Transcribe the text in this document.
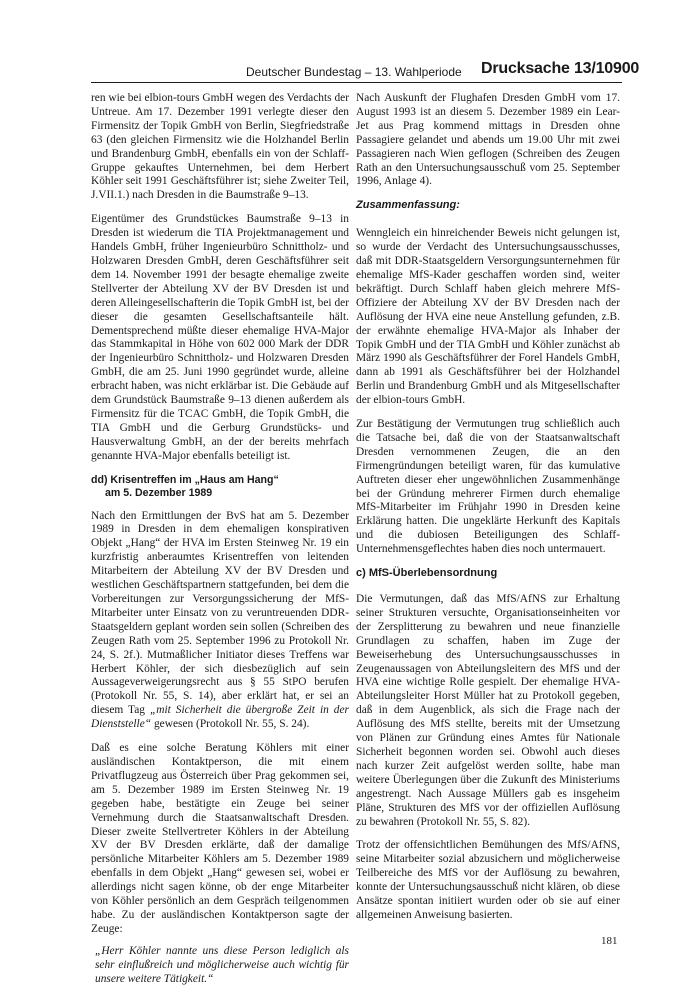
Deutscher Bundestag – 13. Wahlperiode Drucksache 13/10900

ren wie bei elbion-tours GmbH wegen des Verdachts der Untreue. Am 17. Dezember 1991 verlegte dieser den Firmensitz der Topik GmbH von Berlin, Siegfriedstraße 63 (den gleichen Firmensitz wie die Holzhandel Berlin und Brandenburg GmbH, ebenfalls ein von der Schlaff-Gruppe gekauftes Unternehmen, bei dem Herbert Köhler seit 1991 Geschäftsführer ist; siehe Zweiter Teil, J.VII.1.) nach Dresden in die Baumstraße 9–13.

Eigentümer des Grundstückes Baumstraße 9–13 in Dresden ist wiederum die TIA Projektmanagement und Handels GmbH, früher Ingenieurbüro Schnittholz- und Holzwaren Dresden GmbH, deren Geschäftsführer seit dem 14. November 1991 der besagte ehemalige zweite Stellverter der Abteilung XV der BV Dresden ist und deren Alleingesellschafterin die Topik GmbH ist, bei der dieser die gesamten Gesellschaftsanteile hält. Dementsprechend müßte dieser ehemalige HVA-Major das Stammkapital in Höhe von 602 000 Mark der DDR der Ingenieurbüro Schnittholz- und Holzwaren Dresden GmbH, die am 25. Juni 1990 gegründet wurde, alleine erbracht haben, was nicht erklärbar ist. Die Gebäude auf dem Grundstück Baumstraße 9–13 dienen außerdem als Firmensitz für die TCAC GmbH, die Topik GmbH, die TIA GmbH und die Gerburg Grundstücks- und Hausverwaltung GmbH, an der der bereits mehrfach genannte HVA-Major ebenfalls beteiligt ist.

dd) Krisentreffen im „Haus am Hang“
am 5. Dezember 1989

Nach den Ermittlungen der BvS hat am 5. Dezember 1989 in Dresden in dem ehemaligen konspirativen Objekt „Hang“ der HVA im Ersten Steinweg Nr. 19 ein kurzfristig anberaumtes Krisentreffen von leitenden Mitarbeitern der Abteilung XV der BV Dresden und westlichen Geschäftspartnern stattgefunden, bei dem die Vorbereitungen zur Versorgungssicherung der MfS-Mitarbeiter unter Einsatz von zu veruntreuenden DDR-Staatsgeldern geplant worden sein sollen (Schreiben des Zeugen Rath vom 25. September 1996 zu Protokoll Nr. 24, S. 2f.). Mutmaßlicher Initiator dieses Treffens war Herbert Köhler, der sich diesbezüglich auf sein Aussageverweigerungsrecht aus § 55 StPO berufen (Protokoll Nr. 55, S. 14), aber erklärt hat, er sei an diesem Tag „mit Sicherheit die übergroße Zeit in der Dienststelle“ gewesen (Protokoll Nr. 55, S. 24).

Daß es eine solche Beratung Köhlers mit einer ausländischen Kontaktperson, die mit einem Privatflugzeug aus Österreich über Prag gekommen sei, am 5. Dezember 1989 im Ersten Steinweg Nr. 19 gegeben habe, bestätigte ein Zeuge bei seiner Vernehmung durch die Staatsanwaltschaft Dresden. Dieser zweite Stellvertreter Köhlers in der Abteilung XV der BV Dresden erklärte, daß der damalige persönliche Mitarbeiter Köhlers am 5. Dezember 1989 ebenfalls in dem Objekt „Hang“ gewesen sei, wobei er allerdings nicht sagen könne, ob der enge Mitarbeiter von Köhler persönlich an dem Gespräch teilgenommen habe. Zu der ausländischen Kontaktperson sagte der Zeuge:

„Herr Köhler nannte uns diese Person lediglich als sehr einflußreich und möglicherweise auch wichtig für unsere weitere Tätigkeit.“

Nach Auskunft der Flughafen Dresden GmbH vom 17. August 1993 ist an diesem 5. Dezember 1989 ein Lear-Jet aus Prag kommend mittags in Dresden ohne Passagiere gelandet und abends um 19.00 Uhr mit zwei Passagieren nach Wien geflogen (Schreiben des Zeugen Rath an den Untersuchungsausschuß vom 25. September 1996, Anlage 4).

Zusammenfassung:

Wenngleich ein hinreichender Beweis nicht gelungen ist, so wurde der Verdacht des Untersuchungsausschusses, daß mit DDR-Staatsgeldern Versorgungsunternehmen für ehemalige MfS-Kader geschaffen worden sind, weiter bekräftigt. Durch Schlaff haben gleich mehrere MfS-Offiziere der Abteilung XV der BV Dresden nach der Auflösung der HVA eine neue Anstellung gefunden, z.B. der erwähnte ehemalige HVA-Major als Inhaber der Topik GmbH und der TIA GmbH und Köhler zunächst ab März 1990 als Geschäftsführer der Forel Handels GmbH, dann ab 1991 als Geschäftsführer bei der Holzhandel Berlin und Brandenburg GmbH und als Mitgesellschafter der elbion-tours GmbH.

Zur Bestätigung der Vermutungen trug schließlich auch die Tatsache bei, daß die von der Staatsanwaltschaft Dresden vernommenen Zeugen, die an den Firmengründungen beteiligt waren, für das kumulative Auftreten dieser eher ungewöhnlichen Zusammenhänge bei der Gründung mehrerer Firmen durch ehemalige MfS-Mitarbeiter im Frühjahr 1990 in Dresden keine Erklärung hatten. Die ungeklärte Herkunft des Kapitals und die dubiosen Beteiligungen des Schlaff-Unternehmensgeflechtes haben dies noch untermauert.

c) MfS-Überlebensordnung

Die Vermutungen, daß das MfS/AfNS zur Erhaltung seiner Strukturen versuchte, Organisationseinheiten vor der Zersplitterung zu bewahren und neue finanzielle Grundlagen zu schaffen, haben im Zuge der Beweiserhebung des Untersuchungsausschusses in Zeugenaussagen von Abteilungsleitern des MfS und der HVA eine wichtige Rolle gespielt. Der ehemalige HVA-Abteilungsleiter Horst Müller hat zu Protokoll gegeben, daß in dem Augenblick, als sich die Frage nach der Auflösung des MfS stellte, bereits mit der Umsetzung von Plänen zur Gründung eines Amtes für Nationale Sicherheit begonnen worden sei. Obwohl auch dieses nach kurzer Zeit aufgelöst werden sollte, habe man weitere Überlegungen über die Zukunft des Ministeriums angestrengt. Nach Aussage Müllers gab es insgeheim Pläne, Strukturen des MfS vor der offiziellen Auflösung zu bewahren (Protokoll Nr. 55, S. 82).

Trotz der offensichtlichen Bemühungen des MfS/AfNS, seine Mitarbeiter sozial abzusichern und möglicherweise Teilbereiche des MfS vor der Auflösung zu bewahren, konnte der Untersuchungsausschuß nicht klären, ob diese Ansätze spontan initiiert wurden oder ob sie auf einer allgemeinen Anweisung basierten.

181
